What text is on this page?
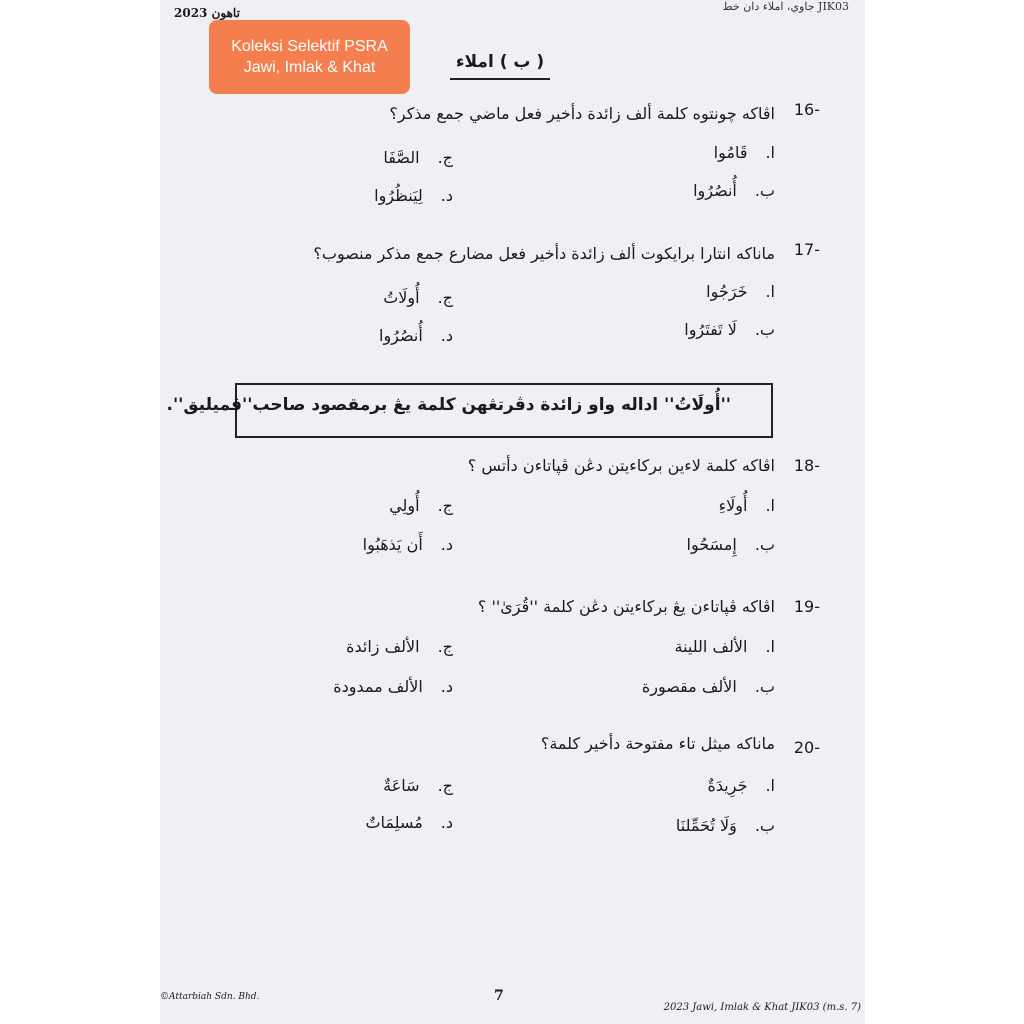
تاهون 2023	جاوي، املاء دان خط JIK03
Koleksi Selektif PSRA
Jawi, Imlak & Khat	( ب ) املاء
16-
اڤاكه چونتوه كلمة ألف زائدة دأخير فعل ماضي جمع مذكر؟
ا.قَامُوا
ج.الصَّفَا
ب.أُنصُرُوا
د.لِيَنظُرُوا
17-
ماناكه انتارا برايكوت ألف زائدة دأخير فعل مضارع جمع مذكر منصوب؟
ا.خَرَجُوا
ج.أُولَاتُ
ب.لَا تَفتَرُوا
د.أُنصُرُوا
''أُولَاتُ'' اداله واو زائدة دڤرتڠهن كلمة يڠ برمقصود صاحب''ڤميليق''.
18-
اڤاكه كلمة لاءين بركاءيتن دڠن ڤپاتاءن دأتس ؟
ا.أُولَاءِ
ج.أُولِي
ب.إِمسَحُوا
د.أَن يَذهَبُوا
19-
اڤاكه ڤپاتاءن يڠ بركاءيتن دڠن كلمة ''قُرَىٰ'' ؟
ا.الألف اللينة
ج.الألف زائدة
ب.الألف مقصورة
د.الألف ممدودة
20-
ماناكه ميثل تاء مفتوحة دأخير كلمة؟
ا.جَرِيدَةٌ
ج.سَاعَةٌ
ب.وَلَا تُحَمِّلنَا
د.مُسلِمَاتٌ
©Attarbiah Sdn. Bhd.	7
2023 Jawi, Imlak & Khat JIK03 (m.s. 7)
